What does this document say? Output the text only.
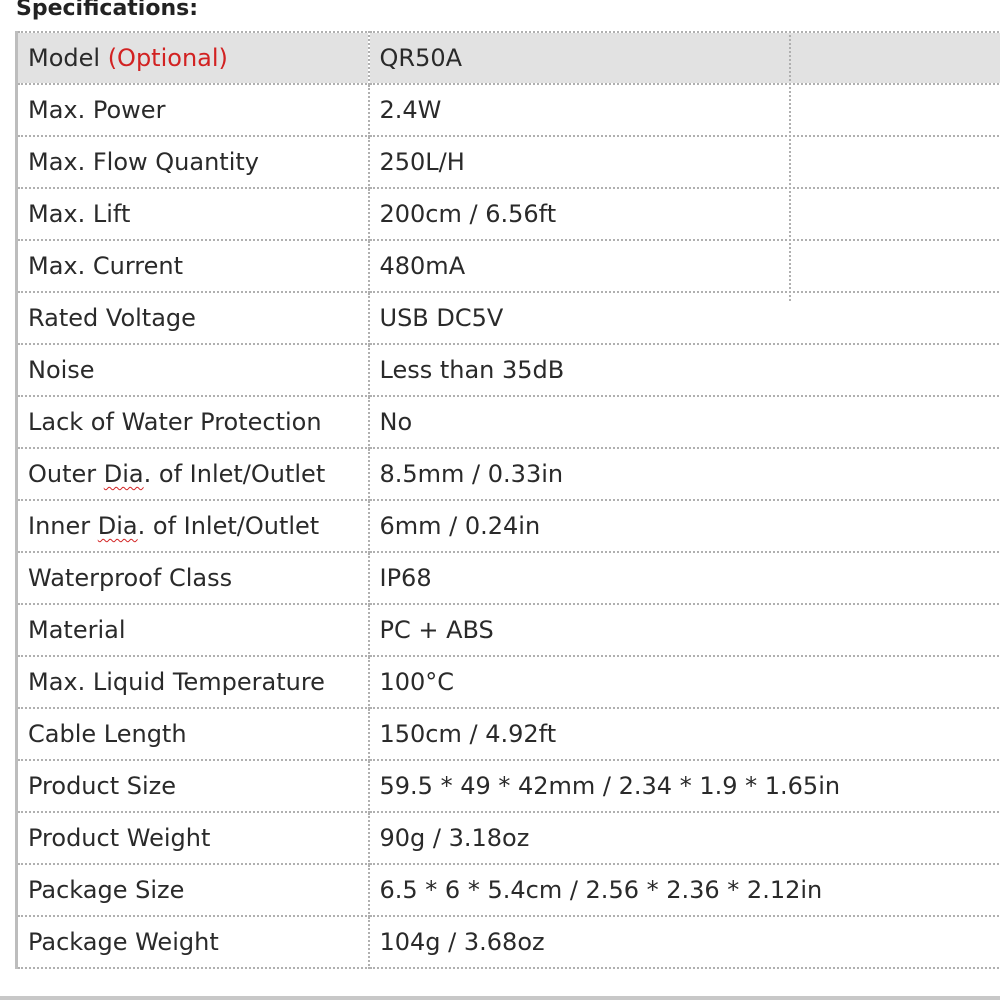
Specifications:
Model (Optional)	QR50A
Max. Power	2.4W
Max. Flow Quantity	250L/H
Max. Lift	200cm / 6.56ft
Max. Current	480mA
Rated Voltage	USB DC5V
Noise	Less than 35dB
Lack of Water Protection	No
Outer Dia. of Inlet/Outlet	8.5mm / 0.33in
Inner Dia. of Inlet/Outlet	6mm / 0.24in
Waterproof Class	IP68
Material	PC + ABS
Max. Liquid Temperature	100°C
Cable Length	150cm / 4.92ft
Product Size	59.5 * 49 * 42mm / 2.34 * 1.9 * 1.65in
Product Weight	90g / 3.18oz
Package Size	6.5 * 6 * 5.4cm / 2.56 * 2.36 * 2.12in
Package Weight	104g / 3.68oz
